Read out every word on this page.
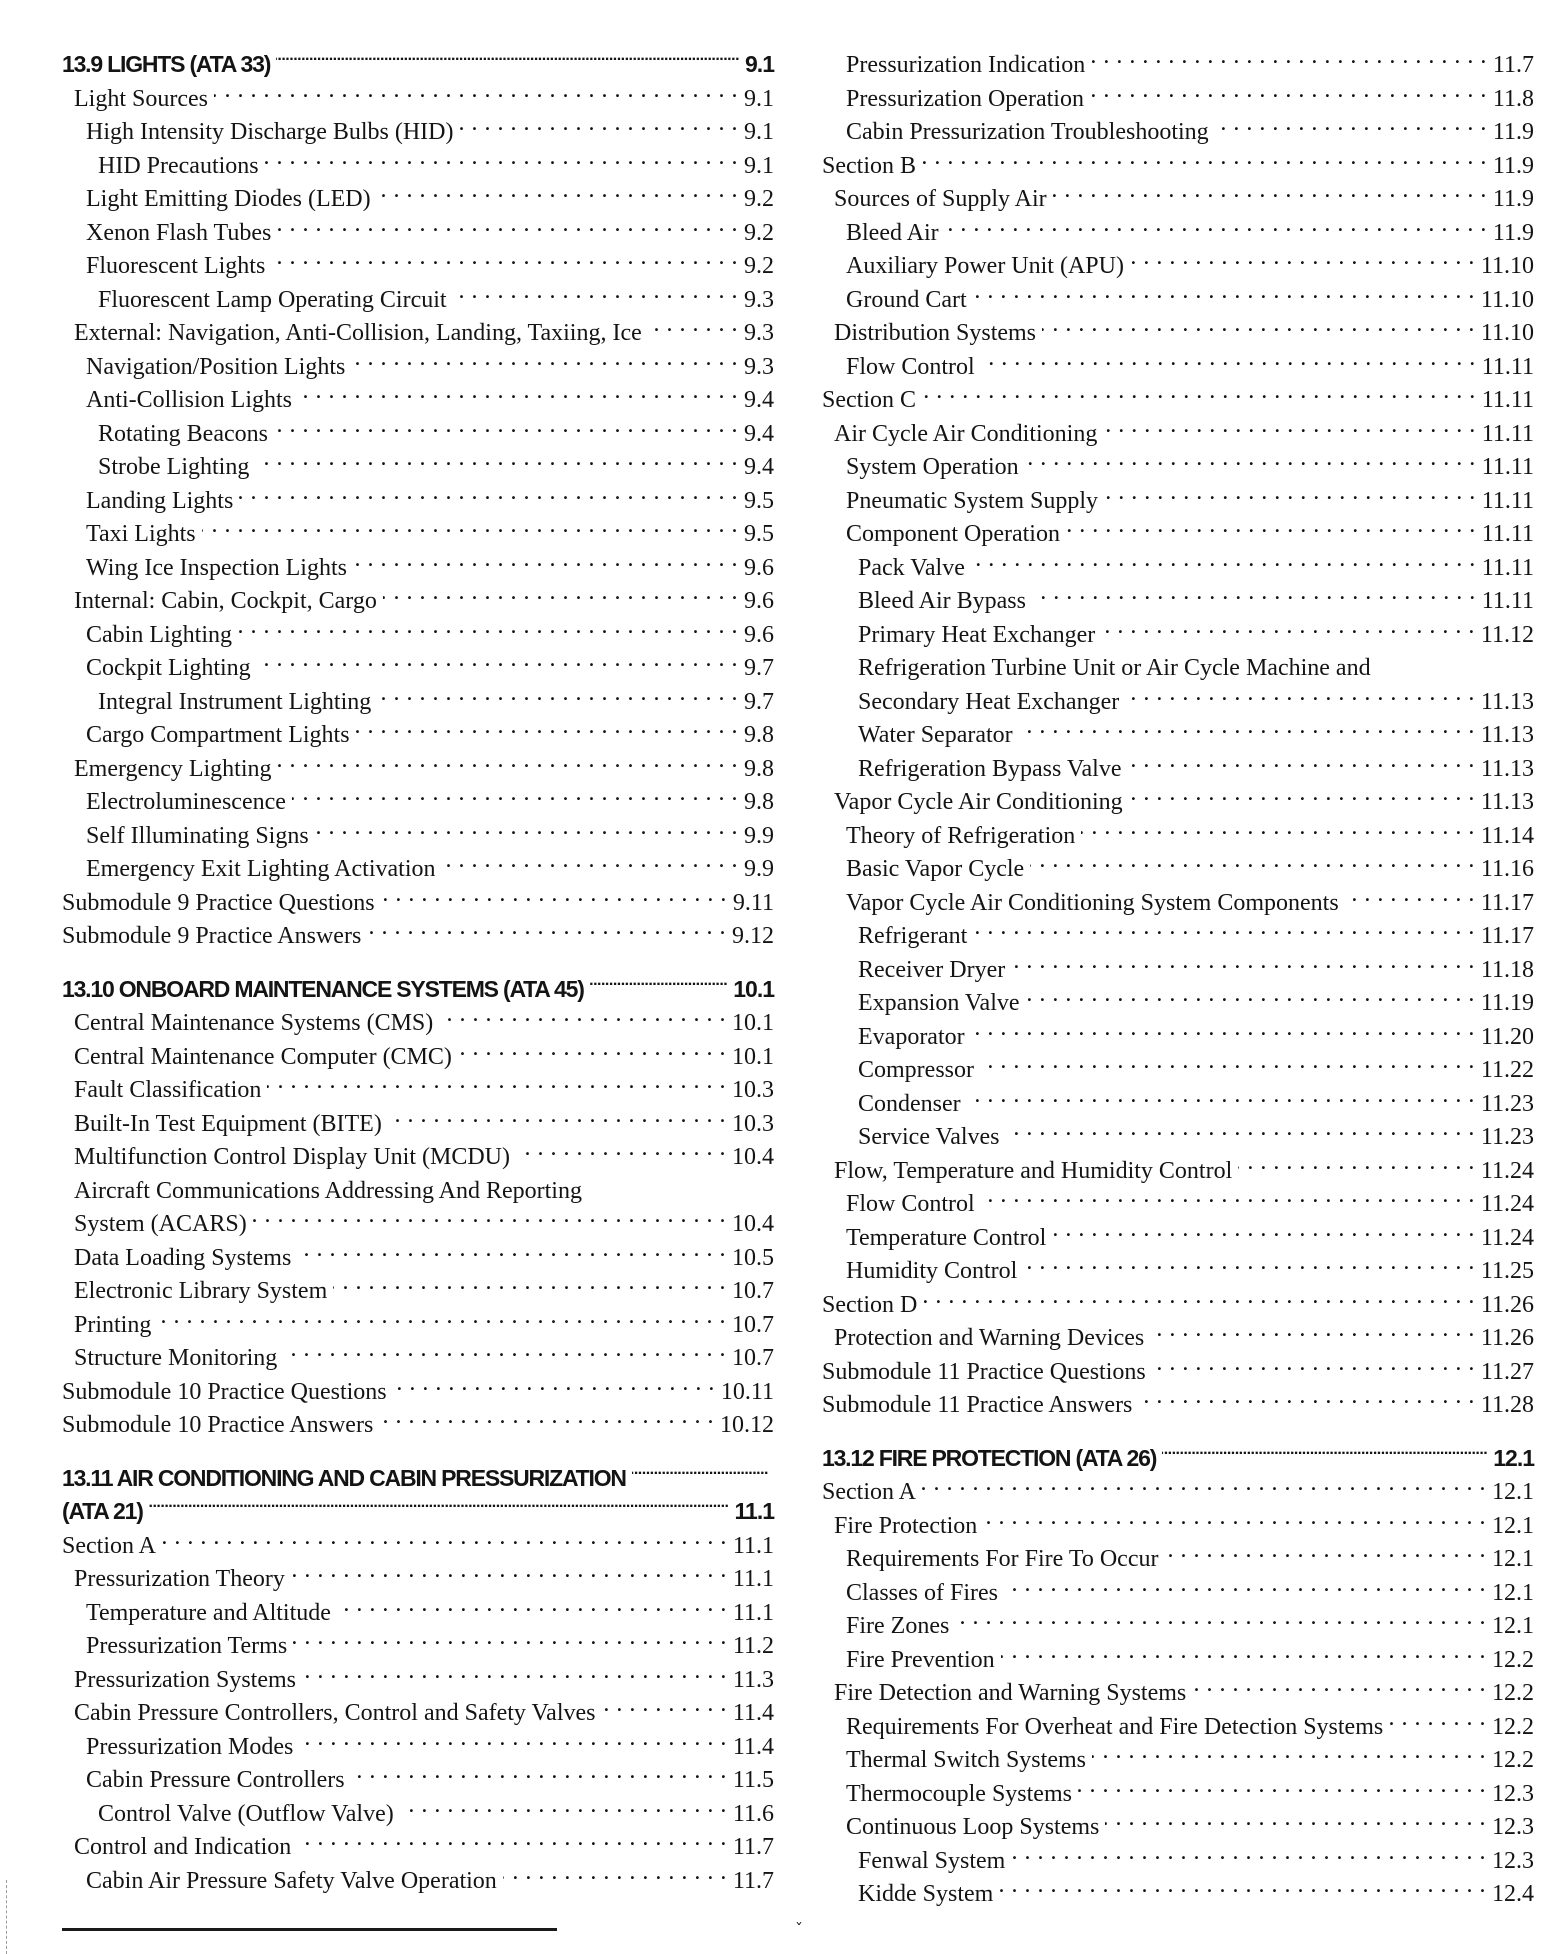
13.9 LIGHTS (ATA 33) .....	9.1
Light Sources . . .	9.1
High Intensity Discharge Bulbs (HID) . . .	9.1
HID Precautions . . .	9.1
Light Emitting Diodes (LED) . . .	9.2
Xenon Flash Tubes . . .	9.2
Fluorescent Lights . . .	9.2
Fluorescent Lamp Operating Circuit . . .	9.3
External: Navigation, Anti-Collision, Landing, Taxiing, Ice . . .	9.3
Navigation/Position Lights . . .	9.3
Anti-Collision Lights . . .	9.4
Rotating Beacons . . .	9.4
Strobe Lighting . . .	9.4
Landing Lights . . .	9.5
Taxi Lights . . .	9.5
Wing Ice Inspection Lights . . .	9.6
Internal: Cabin, Cockpit, Cargo . . .	9.6
Cabin Lighting . . .	9.6
Cockpit Lighting . . .	9.7
Integral Instrument Lighting . . .	9.7
Cargo Compartment Lights . . .	9.8
Emergency Lighting . . .	9.8
Electroluminescence . . .	9.8
Self Illuminating Signs . . .	9.9
Emergency Exit Lighting Activation . . .	9.9
Submodule 9 Practice Questions . . .	9.11
Submodule 9 Practice Answers . . .	9.12
13.10 ONBOARD MAINTENANCE SYSTEMS (ATA 45) .....	10.1
Central Maintenance Systems (CMS) . . .	10.1
Central Maintenance Computer (CMC) . . .	10.1
Fault Classification . . .	10.3
Built-In Test Equipment (BITE) . . .	10.3
Multifunction Control Display Unit (MCDU) . . .	10.4
Aircraft Communications Addressing And Reporting
System (ACARS) . . .	10.4
Data Loading Systems . . .	10.5
Electronic Library System . . .	10.7
Printing . . .	10.7
Structure Monitoring . . .	10.7
Submodule 10 Practice Questions . . .	10.11
Submodule 10 Practice Answers . . .	10.12
13.11 AIR CONDITIONING AND CABIN PRESSURIZATION
.....
(ATA 21) .....	11.1
Section A . . .	11.1
Pressurization Theory . . .	11.1
Temperature and Altitude . . .	11.1
Pressurization Terms . . .	11.2
Pressurization Systems . . .	11.3
Cabin Pressure Controllers, Control and Safety Valves . . .	11.4
Pressurization Modes . . .	11.4
Cabin Pressure Controllers . . .	11.5
Control Valve (Outflow Valve) . . .	11.6
Control and Indication . . .	11.7
Cabin Air Pressure Safety Valve Operation . . .	11.7
Pressurization Indication . . .	11.7
Pressurization Operation . . .	11.8
Cabin Pressurization Troubleshooting . . .	11.9
Section B . . .	11.9
Sources of Supply Air . . .	11.9
Bleed Air . . .	11.9
Auxiliary Power Unit (APU) . . .	11.10
Ground Cart . . .	11.10
Distribution Systems . . .	11.10
Flow Control . . .	11.11
Section C . . .	11.11
Air Cycle Air Conditioning . . .	11.11
System Operation . . .	11.11
Pneumatic System Supply . . .	11.11
Component Operation . . .	11.11
Pack Valve . . .	11.11
Bleed Air Bypass . . .	11.11
Primary Heat Exchanger . . .	11.12
Refrigeration Turbine Unit or Air Cycle Machine and
Secondary Heat Exchanger . . .	11.13
Water Separator . . .	11.13
Refrigeration Bypass Valve . . .	11.13
Vapor Cycle Air Conditioning . . .	11.13
Theory of Refrigeration . . .	11.14
Basic Vapor Cycle . . .	11.16
Vapor Cycle Air Conditioning System Components . . .	11.17
Refrigerant . . .	11.17
Receiver Dryer . . .	11.18
Expansion Valve . . .	11.19
Evaporator . . .	11.20
Compressor . . .	11.22
Condenser . . .	11.23
Service Valves . . .	11.23
Flow, Temperature and Humidity Control . . .	11.24
Flow Control . . .	11.24
Temperature Control . . .	11.24
Humidity Control . . .	11.25
Section D . . .	11.26
Protection and Warning Devices . . .	11.26
Submodule 11 Practice Questions . . .	11.27
Submodule 11 Practice Answers . . .	11.28
13.12 FIRE PROTECTION (ATA 26) .....	12.1
Section A . . .	12.1
Fire Protection . . .	12.1
Requirements For Fire To Occur . . .	12.1
Classes of Fires . . .	12.1
Fire Zones . . .	12.1
Fire Prevention . . .	12.2
Fire Detection and Warning Systems . . .	12.2
Requirements For Overheat and Fire Detection Systems . . .	12.2
Thermal Switch Systems . . .	12.2
Thermocouple Systems . . .	12.3
Continuous Loop Systems . . .	12.3
Fenwal System . . .	12.3
Kidde System . . .	12.4
ˇ
